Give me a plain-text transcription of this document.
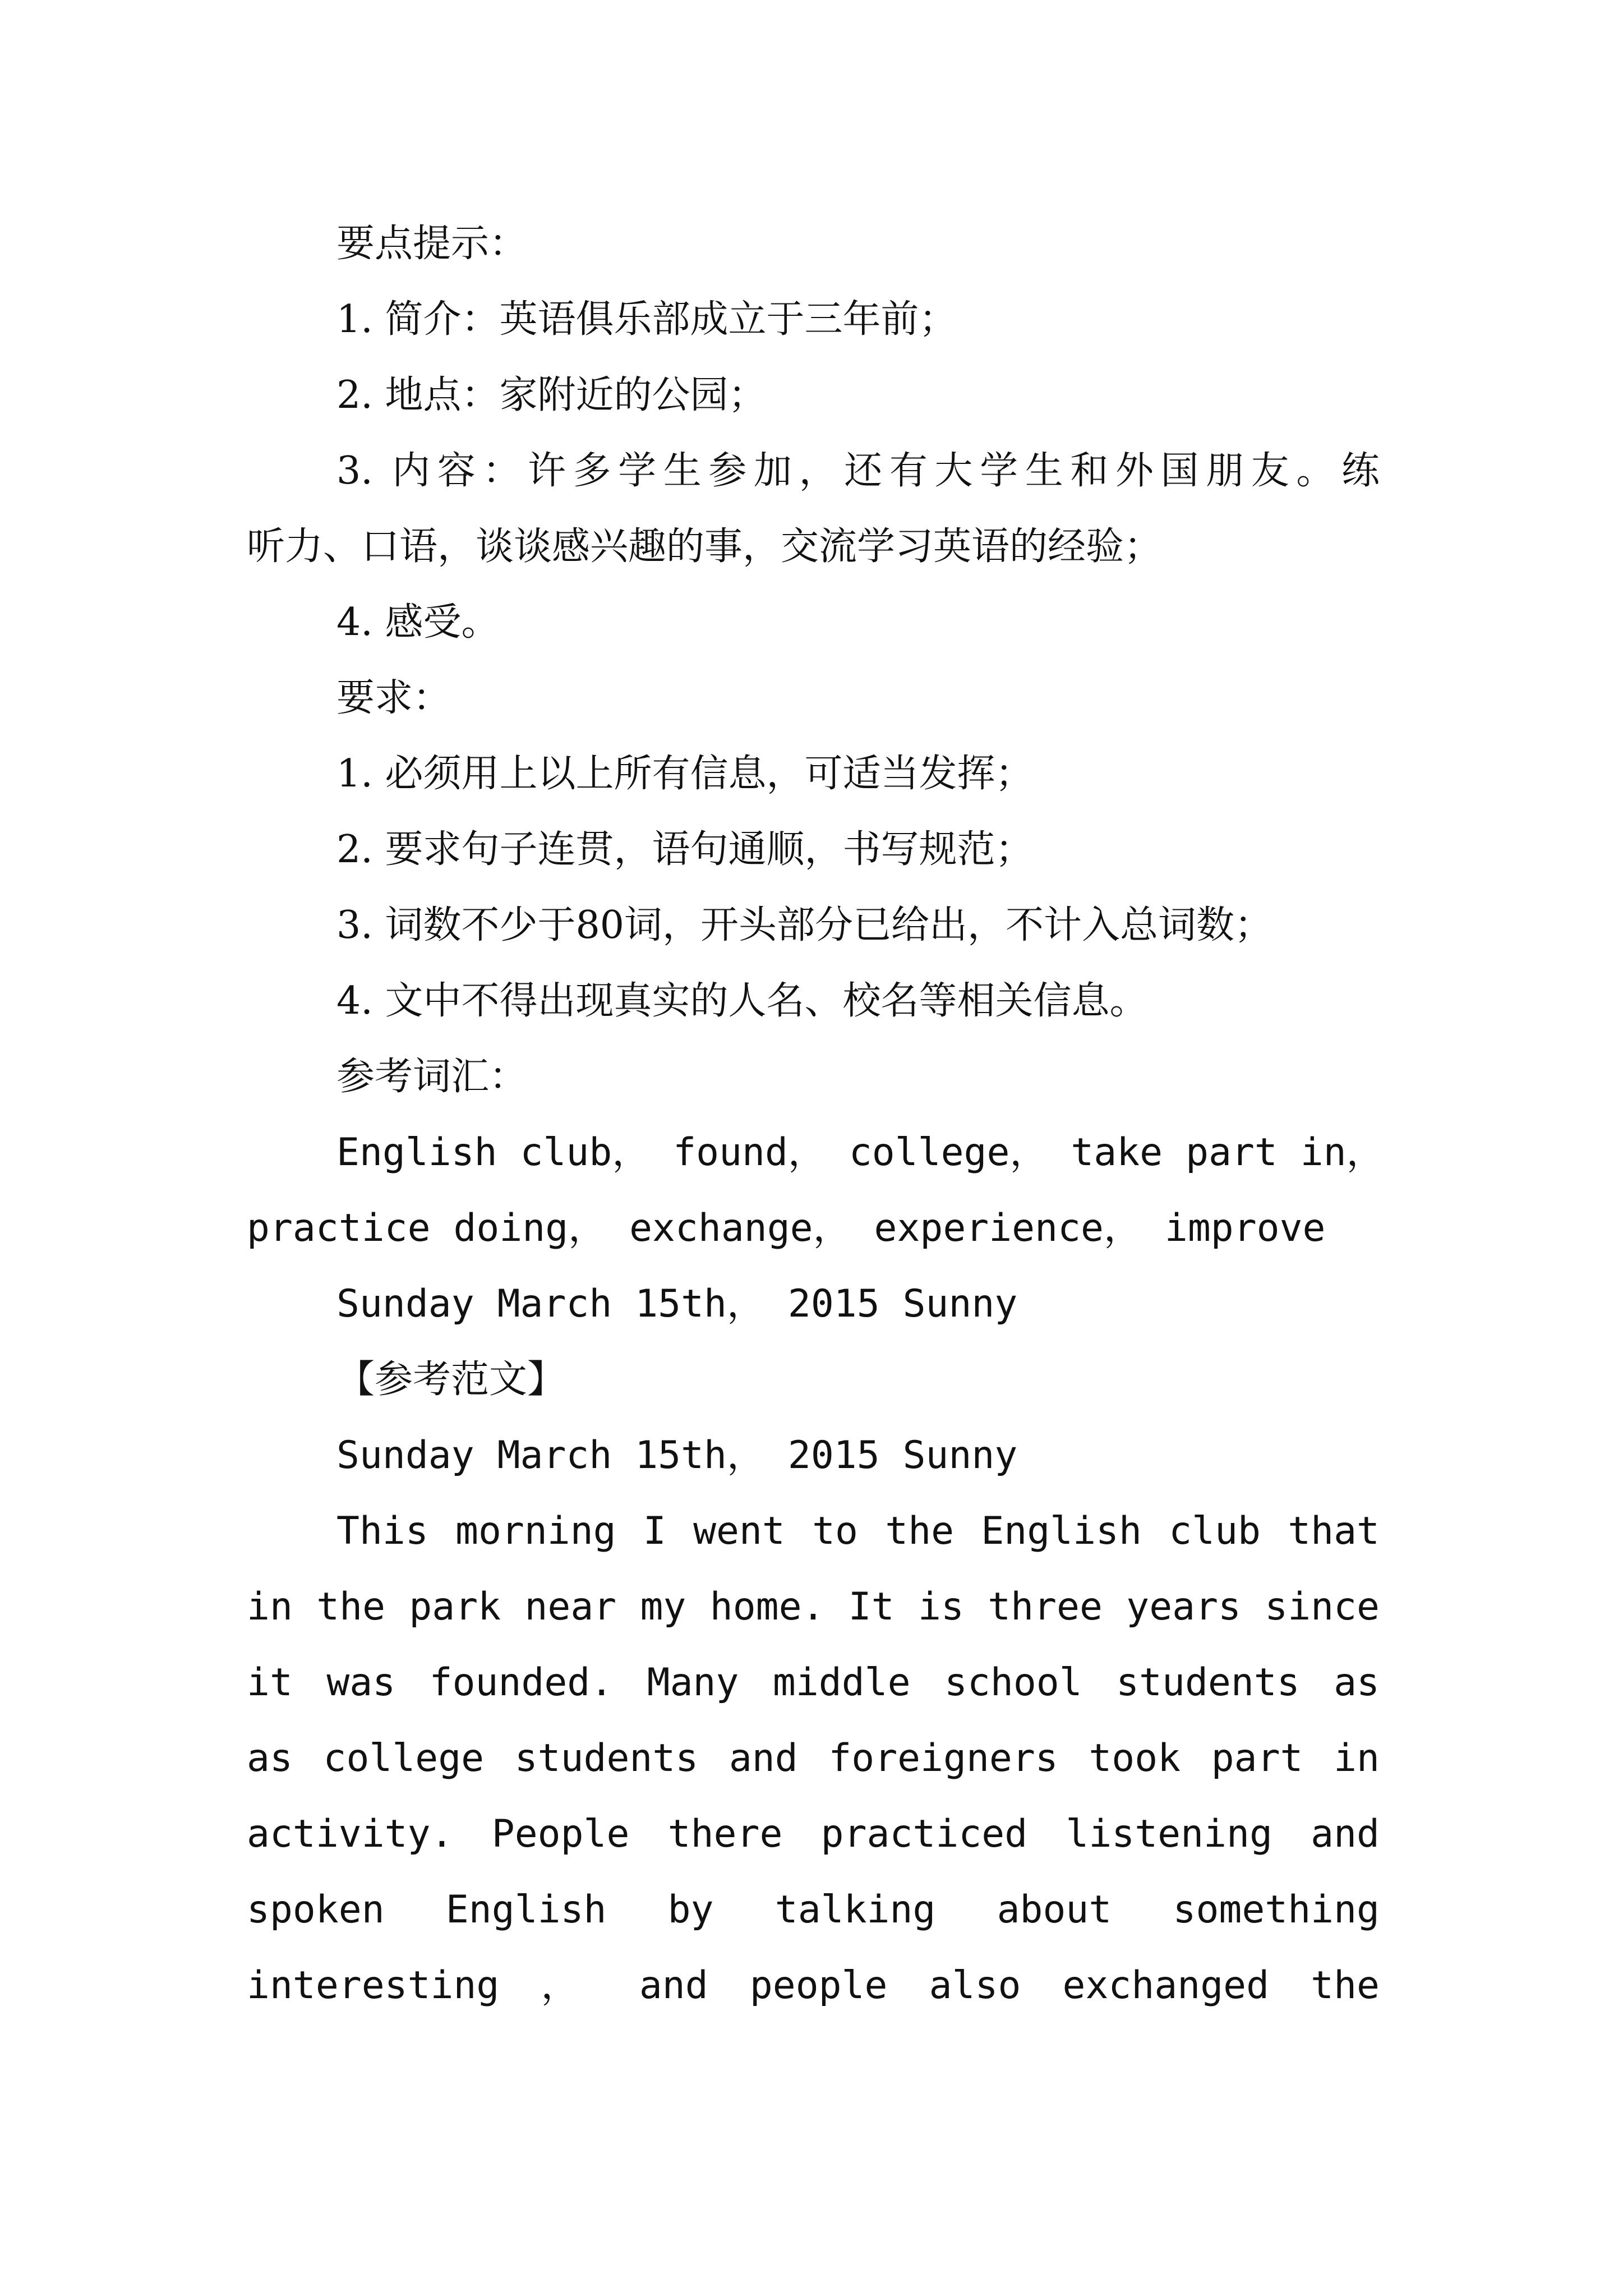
要点提示：
1. 简介：英语俱乐部成立于三年前；
2. 地点：家附近的公园；
3. 内容：许多学生参加，还有大学生和外国朋友。练
听力、口语，谈谈感兴趣的事，交流学习英语的经验；
4. 感受。
要求：
1. 必须用上以上所有信息，可适当发挥；
2. 要求句子连贯，语句通顺，书写规范；
3. 词数不少于80词，开头部分已给出，不计入总词数；
4. 文中不得出现真实的人名、校名等相关信息。
参考词汇：
English club， found， college， take part in，
practice doing， exchange， experience， improve
Sunday March 15th， 2015 Sunny
【参考范文】
Sunday March 15th， 2015 Sunny
This morning I went to the English club that
in the park near my home. It is three years since
it was founded. Many middle school students as
as college students and foreigners took part in
activity. People there practiced listening and
spoken English by talking about something
interesting ， and people also exchanged the
